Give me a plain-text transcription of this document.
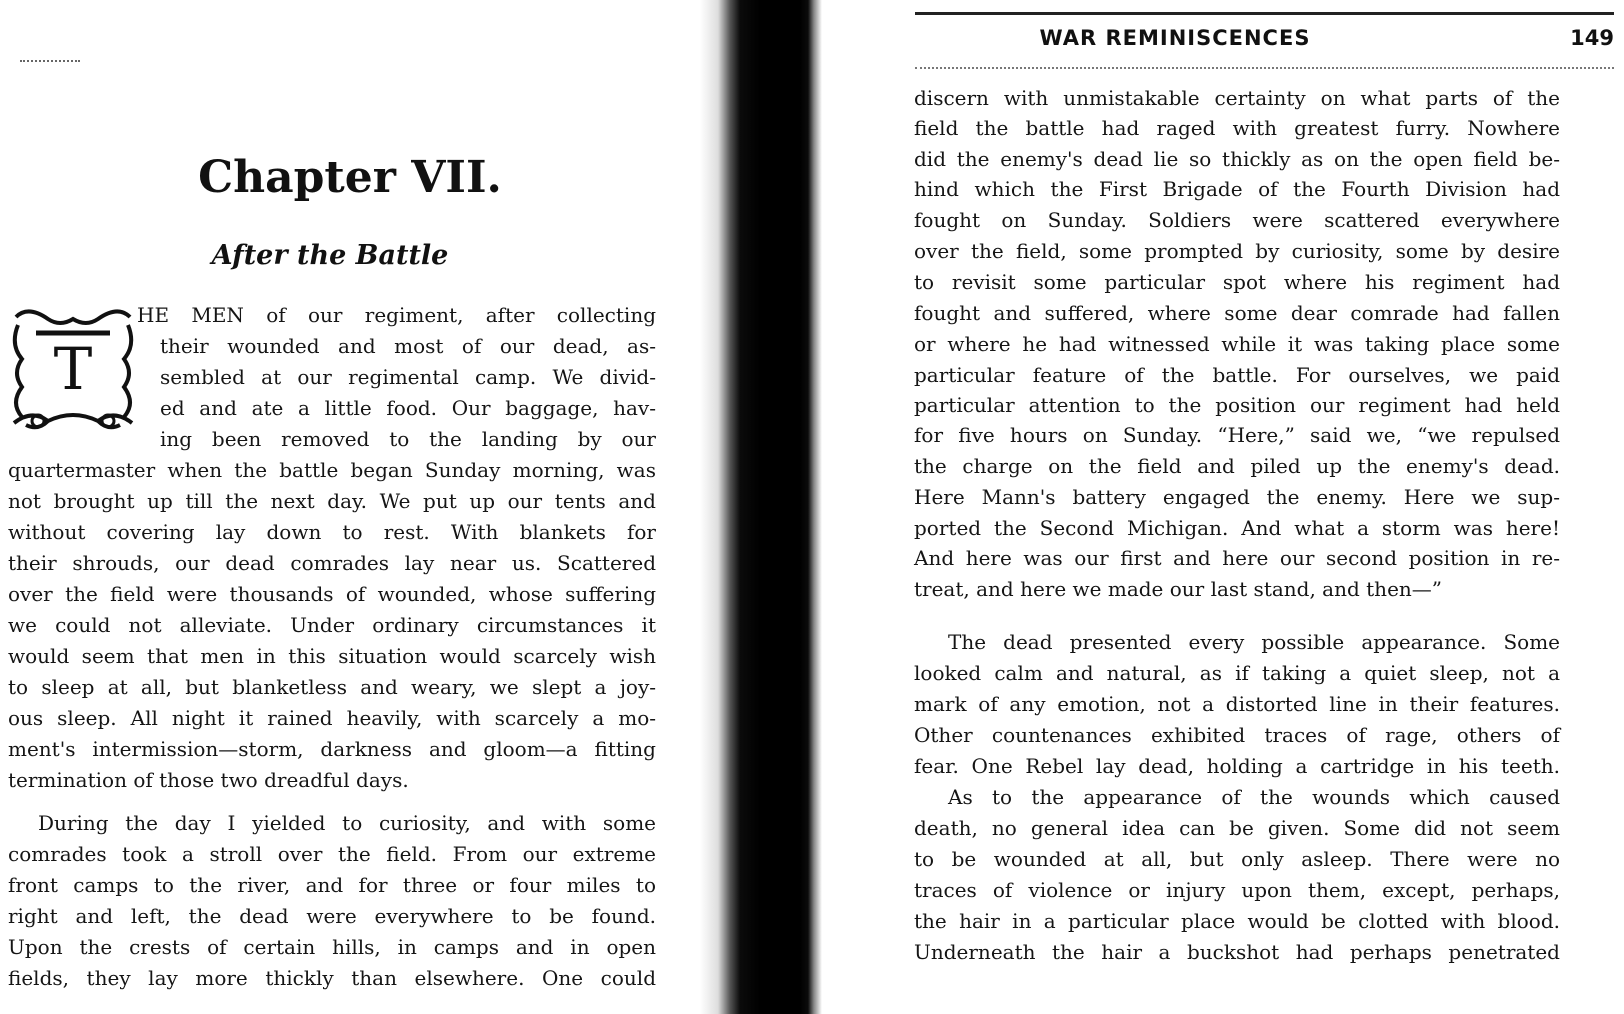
Chapter VII.
After the Battle
T
HE MEN of our regiment, after collecting
their wounded and most of our dead, as-
sembled at our regimental camp. We divid-
ed and ate a little food. Our baggage, hav-
ing been removed to the landing by our
quartermaster when the battle began Sunday morning, was
not brought up till the next day. We put up our tents and
without covering lay down to rest. With blankets for
their shrouds, our dead comrades lay near us. Scattered
over the field were thousands of wounded, whose suffering
we could not alleviate. Under ordinary circumstances it
would seem that men in this situation would scarcely wish
to sleep at all, but blanketless and weary, we slept a joy-
ous sleep. All night it rained heavily, with scarcely a mo-
ment's intermission—storm, darkness and gloom—a fitting
termination of those two dreadful days.
During the day I yielded to curiosity, and with some
comrades took a stroll over the field. From our extreme
front camps to the river, and for three or four miles to
right and left, the dead were everywhere to be found.
Upon the crests of certain hills, in camps and in open
fields, they lay more thickly than elsewhere. One could
WAR REMINISCENCES	149
discern with unmistakable certainty on what parts of the
field the battle had raged with greatest furry. Nowhere
did the enemy's dead lie so thickly as on the open field be-
hind which the First Brigade of the Fourth Division had
fought on Sunday. Soldiers were scattered everywhere
over the field, some prompted by curiosity, some by desire
to revisit some particular spot where his regiment had
fought and suffered, where some dear comrade had fallen
or where he had witnessed while it was taking place some
particular feature of the battle. For ourselves, we paid
particular attention to the position our regiment had held
for five hours on Sunday. “Here,” said we, “we repulsed
the charge on the field and piled up the enemy's dead.
Here Mann's battery engaged the enemy. Here we sup-
ported the Second Michigan. And what a storm was here!
And here was our first and here our second position in re-
treat, and here we made our last stand, and then—”
The dead presented every possible appearance. Some
looked calm and natural, as if taking a quiet sleep, not a
mark of any emotion, not a distorted line in their features.
Other countenances exhibited traces of rage, others of
fear. One Rebel lay dead, holding a cartridge in his teeth.
As to the appearance of the wounds which caused
death, no general idea can be given. Some did not seem
to be wounded at all, but only asleep. There were no
traces of violence or injury upon them, except, perhaps,
the hair in a particular place would be clotted with blood.
Underneath the hair a buckshot had perhaps penetrated
